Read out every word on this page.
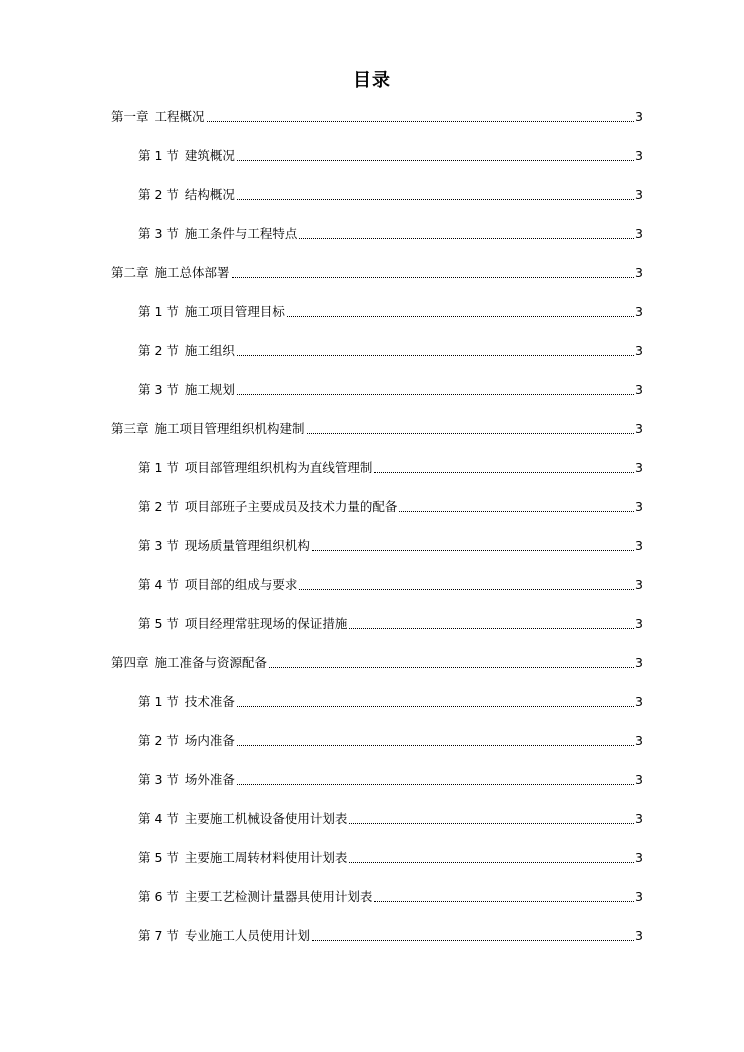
目录
第一章 工程概况	3
第 1 节 建筑概况	3
第 2 节 结构概况	3
第 3 节 施工条件与工程特点	3
第二章 施工总体部署	3
第 1 节 施工项目管理目标	3
第 2 节 施工组织	3
第 3 节 施工规划	3
第三章 施工项目管理组织机构建制	3
第 1 节 项目部管理组织机构为直线管理制	3
第 2 节 项目部班子主要成员及技术力量的配备	3
第 3 节 现场质量管理组织机构	3
第 4 节 项目部的组成与要求	3
第 5 节 项目经理常驻现场的保证措施	3
第四章 施工准备与资源配备	3
第 1 节 技术准备	3
第 2 节 场内准备	3
第 3 节 场外准备	3
第 4 节 主要施工机械设备使用计划表	3
第 5 节 主要施工周转材料使用计划表	3
第 6 节 主要工艺检测计量器具使用计划表	3
第 7 节 专业施工人员使用计划	3
